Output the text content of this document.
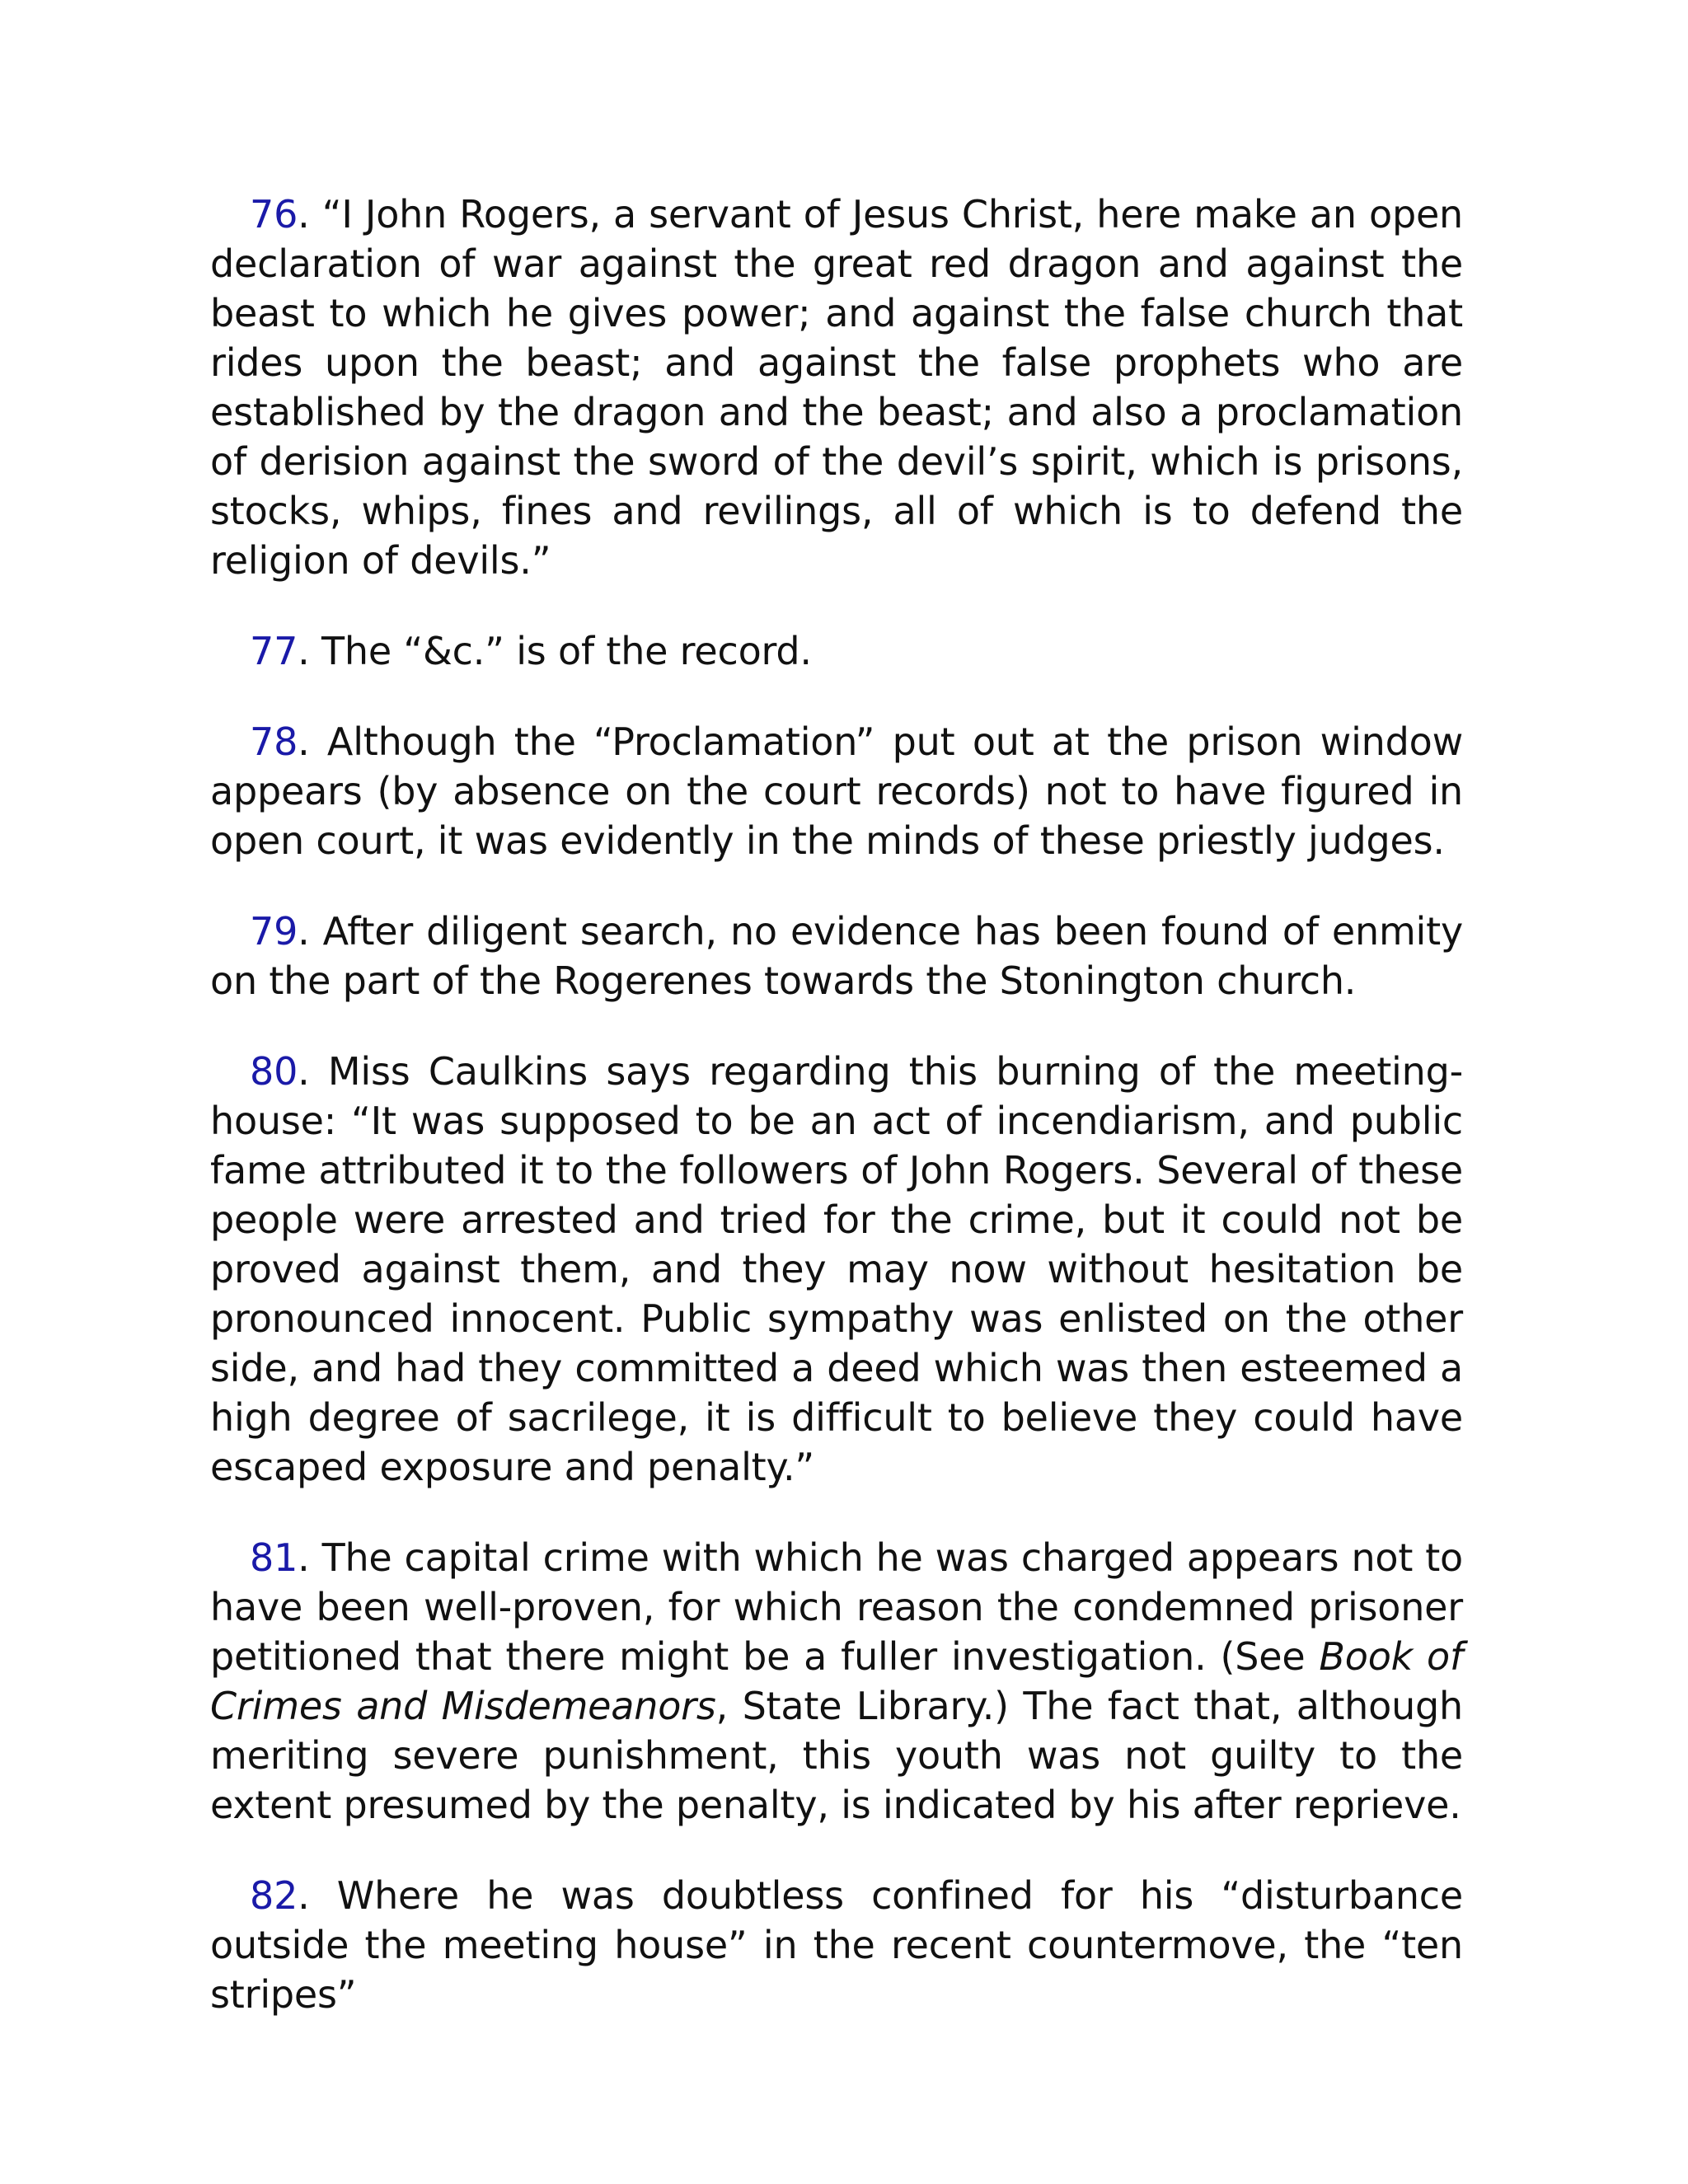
76. “I John Rogers, a servant of Jesus Christ, here make an open declaration of war against the great red dragon and against the beast to which he gives power; and against the false church that rides upon the beast; and against the false prophets who are established by the dragon and the beast; and also a proclamation of derision against the sword of the devil’s spirit, which is prisons, stocks, whips, fines and revilings, all of which is to defend the religion of devils.”

77. The “&c.” is of the record.

78. Although the “Proclamation” put out at the prison window appears (by absence on the court records) not to have figured in open court, it was evidently in the minds of these priestly judges.

79. After diligent search, no evidence has been found of enmity on the part of the Rogerenes towards the Stonington church.

80. Miss Caulkins says regarding this burning of the meeting-house: “It was supposed to be an act of incendiarism, and public fame attributed it to the followers of John Rogers. Several of these people were arrested and tried for the crime, but it could not be proved against them, and they may now without hesitation be pronounced innocent. Public sympathy was enlisted on the other side, and had they committed a deed which was then esteemed a high degree of sacrilege, it is difficult to believe they could have escaped exposure and penalty.”

81. The capital crime with which he was charged appears not to have been well-proven, for which reason the condemned prisoner petitioned that there might be a fuller investigation. (See Book of Crimes and Misdemeanors, State Library.) The fact that, although meriting severe punishment, this youth was not guilty to the extent presumed by the penalty, is indicated by his after reprieve.

82. Where he was doubtless confined for his “disturbance outside the meeting house” in the recent countermove, the “ten stripes”
